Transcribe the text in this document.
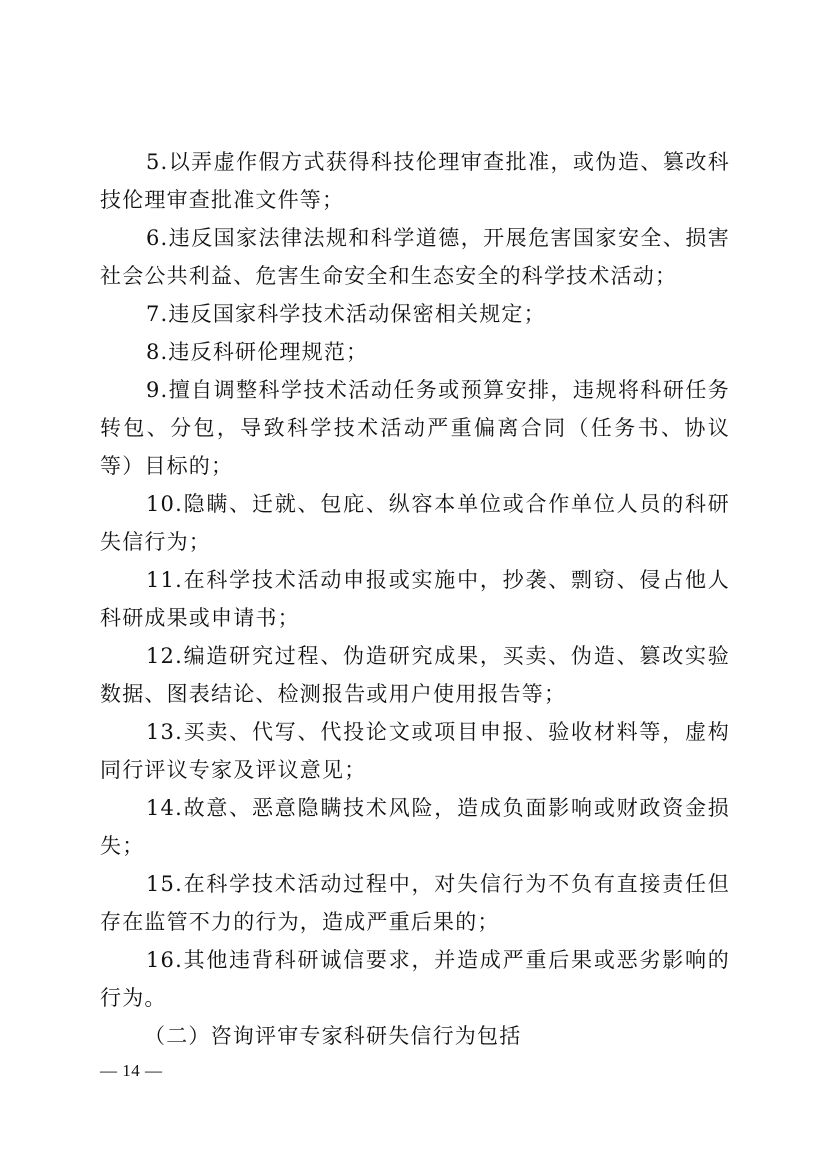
5.以弄虚作假方式获得科技伦理审查批准，或伪造、篡改科技伦理审查批准文件等；

6.违反国家法律法规和科学道德，开展危害国家安全、损害社会公共利益、危害生命安全和生态安全的科学技术活动；

7.违反国家科学技术活动保密相关规定；

8.违反科研伦理规范；

9.擅自调整科学技术活动任务或预算安排，违规将科研任务转包、分包，导致科学技术活动严重偏离合同（任务书、协议等）目标的；

10.隐瞒、迁就、包庇、纵容本单位或合作单位人员的科研失信行为；

11.在科学技术活动申报或实施中，抄袭、剽窃、侵占他人科研成果或申请书；

12.编造研究过程、伪造研究成果，买卖、伪造、篡改实验数据、图表结论、检测报告或用户使用报告等；

13.买卖、代写、代投论文或项目申报、验收材料等，虚构同行评议专家及评议意见；

14.故意、恶意隐瞒技术风险，造成负面影响或财政资金损失；

15.在科学技术活动过程中，对失信行为不负有直接责任但存在监管不力的行为，造成严重后果的；

16.其他违背科研诚信要求，并造成严重后果或恶劣影响的行为。

（二）咨询评审专家科研失信行为包括

— 14 —
